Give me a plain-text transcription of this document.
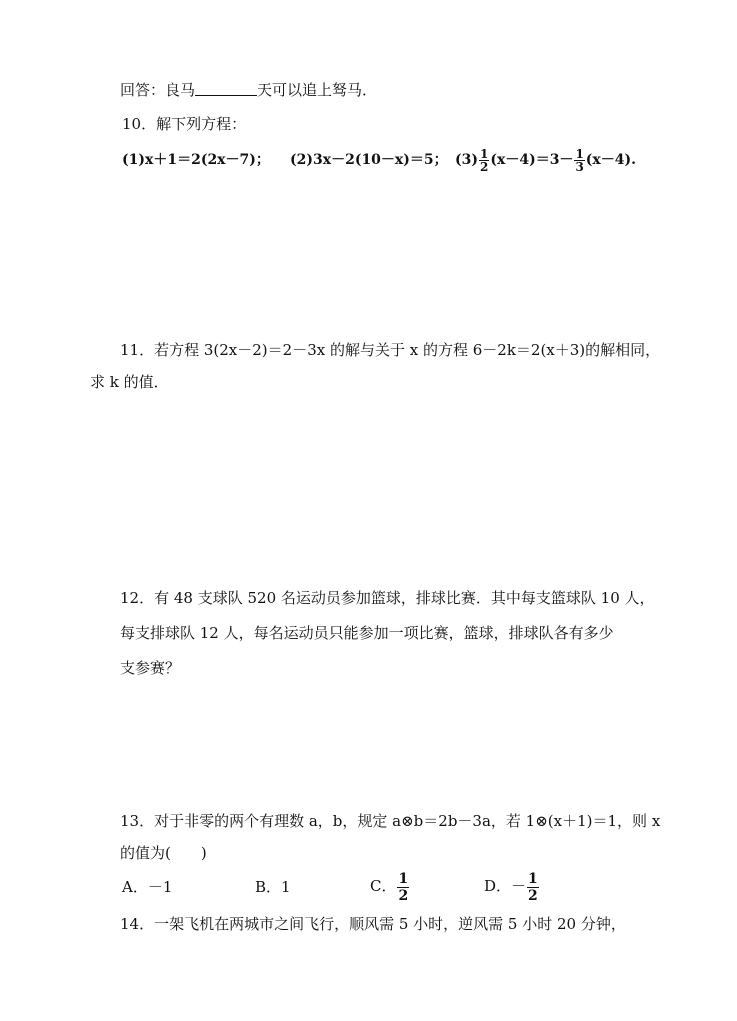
回答：良马	天可以追上驽马．
10．解下列方程：
(1)x＋1＝2(2x－7)； (2)3x－2(10－x)＝5； $(3) \frac{1}{2} (x-4)=3- \frac{1}{3} (x-4)$.
11．若方程 3(2x－2)＝2－3x 的解与关于 x 的方程 6－2k＝2(x＋3)的解相同，
求 k 的值．
12．有 48 支球队 520 名运动员参加篮球，排球比赛．其中每支篮球队 10 人，
每支排球队 12 人，每名运动员只能参加一项比赛，篮球，排球队各有多少
支参赛？
13．对于非零的两个有理数 a，b，规定 a⊗b＝2b－3a，若 1⊗(x＋1)＝1，则 x
的值为(　　)
A．－1	B．1	C． $\frac{1}{2}$	D．－ $\frac{1}{2}$
14．一架飞机在两城市之间飞行，顺风需 5 小时，逆风需 5 小时 20 分钟，
